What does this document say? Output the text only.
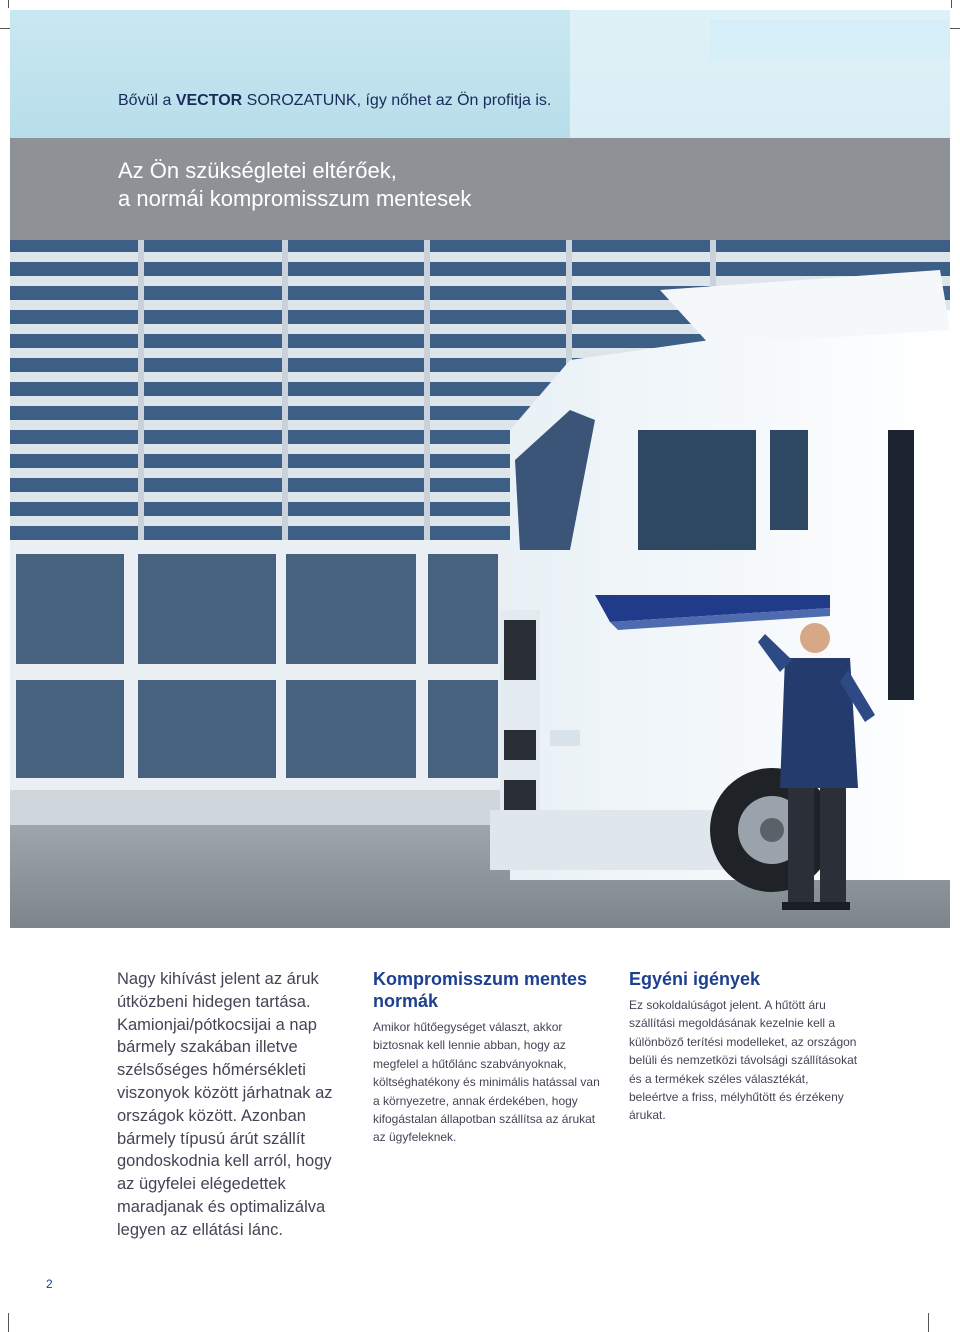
Bővül a VECTOR SOROZATUNK, így nőhet az Ön profitja is.
Az Ön szükségletei eltérőek,
a normái kompromisszum mentesek

Nagy kihívást jelent az áruk útközbeni hidegen tartása. Kamionjai/pótkocsijai a nap bármely szakában illetve szélsőséges hőmérsékleti viszonyok között járhatnak az országok között. Azonban bármely típusú árút szállít gondoskodnia kell arról, hogy az ügyfelei elégedettek maradjanak és optimalizálva legyen az ellátási lánc.

Kompromisszum mentes normák

Amikor hűtőegységet választ, akkor biztosnak kell lennie abban, hogy az megfelel a hűtőlánc szabványoknak, költséghatékony és minimális hatással van a környezetre, annak érdekében, hogy kifogástalan állapotban szállítsa az árukat az ügyfeleknek.

Egyéni igények

Ez sokoldalúságot jelent. A hűtött áru szállítási megoldásának kezelnie kell a különböző terítési modelleket, az országon belüli és nemzetközi távolsági szállításokat és a termékek széles választékát, beleértve a friss, mélyhűtött és érzékeny árukat.

2
